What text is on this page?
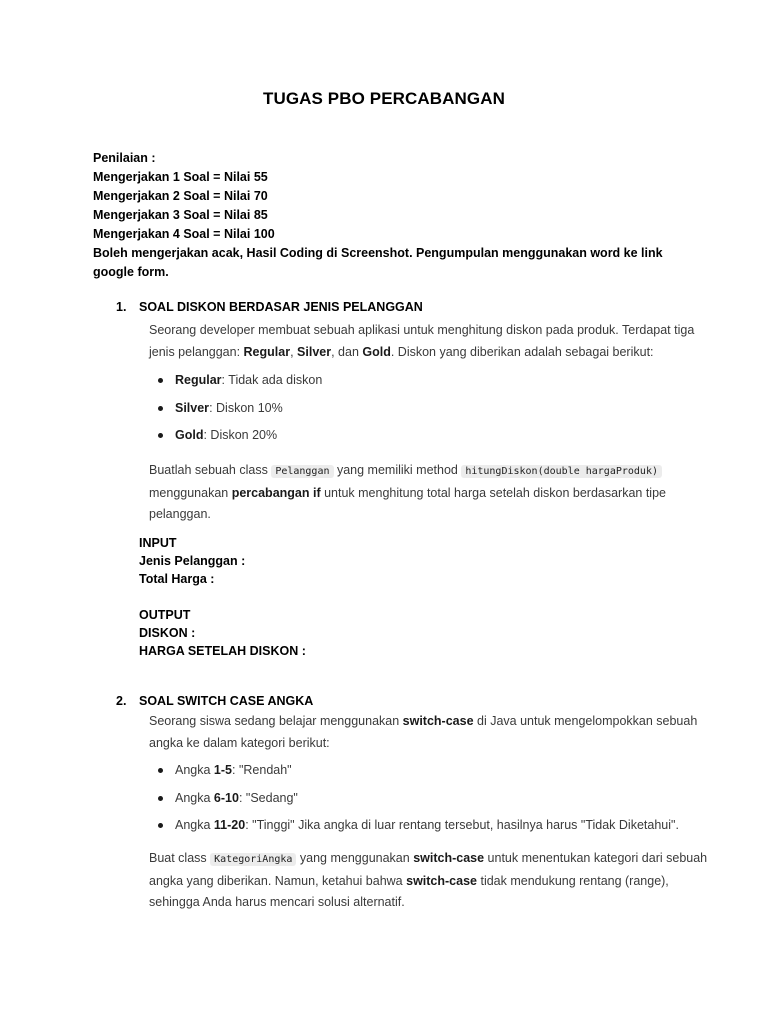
TUGAS PBO PERCABANGAN
Penilaian :
Mengerjakan 1 Soal = Nilai 55
Mengerjakan 2 Soal = Nilai 70
Mengerjakan 3 Soal = Nilai 85
Mengerjakan 4 Soal = Nilai 100
Boleh mengerjakan acak, Hasil Coding di Screenshot. Pengumpulan menggunakan word ke link
google form.
1. SOAL DISKON BERDASAR JENIS PELANGGAN
Seorang developer membuat sebuah aplikasi untuk menghitung diskon pada produk. Terdapat tiga jenis pelanggan: Regular, Silver, dan Gold. Diskon yang diberikan adalah sebagai berikut:
Regular: Tidak ada diskon
Silver: Diskon 10%
Gold: Diskon 20%
Buatlah sebuah class Pelanggan yang memiliki method hitungDiskon(double hargaProduk) menggunakan percabangan if untuk menghitung total harga setelah diskon berdasarkan tipe pelanggan.
INPUT
Jenis Pelanggan :
Total Harga :
OUTPUT
DISKON :
HARGA SETELAH DISKON :
2. SOAL SWITCH CASE ANGKA
Seorang siswa sedang belajar menggunakan switch-case di Java untuk mengelompokkan sebuah angka ke dalam kategori berikut:
Angka 1-5: "Rendah"
Angka 6-10: "Sedang"
Angka 11-20: "Tinggi" Jika angka di luar rentang tersebut, hasilnya harus "Tidak Diketahui".
Buat class KategoriAngka yang menggunakan switch-case untuk menentukan kategori dari sebuah angka yang diberikan. Namun, ketahui bahwa switch-case tidak mendukung rentang (range), sehingga Anda harus mencari solusi alternatif.
